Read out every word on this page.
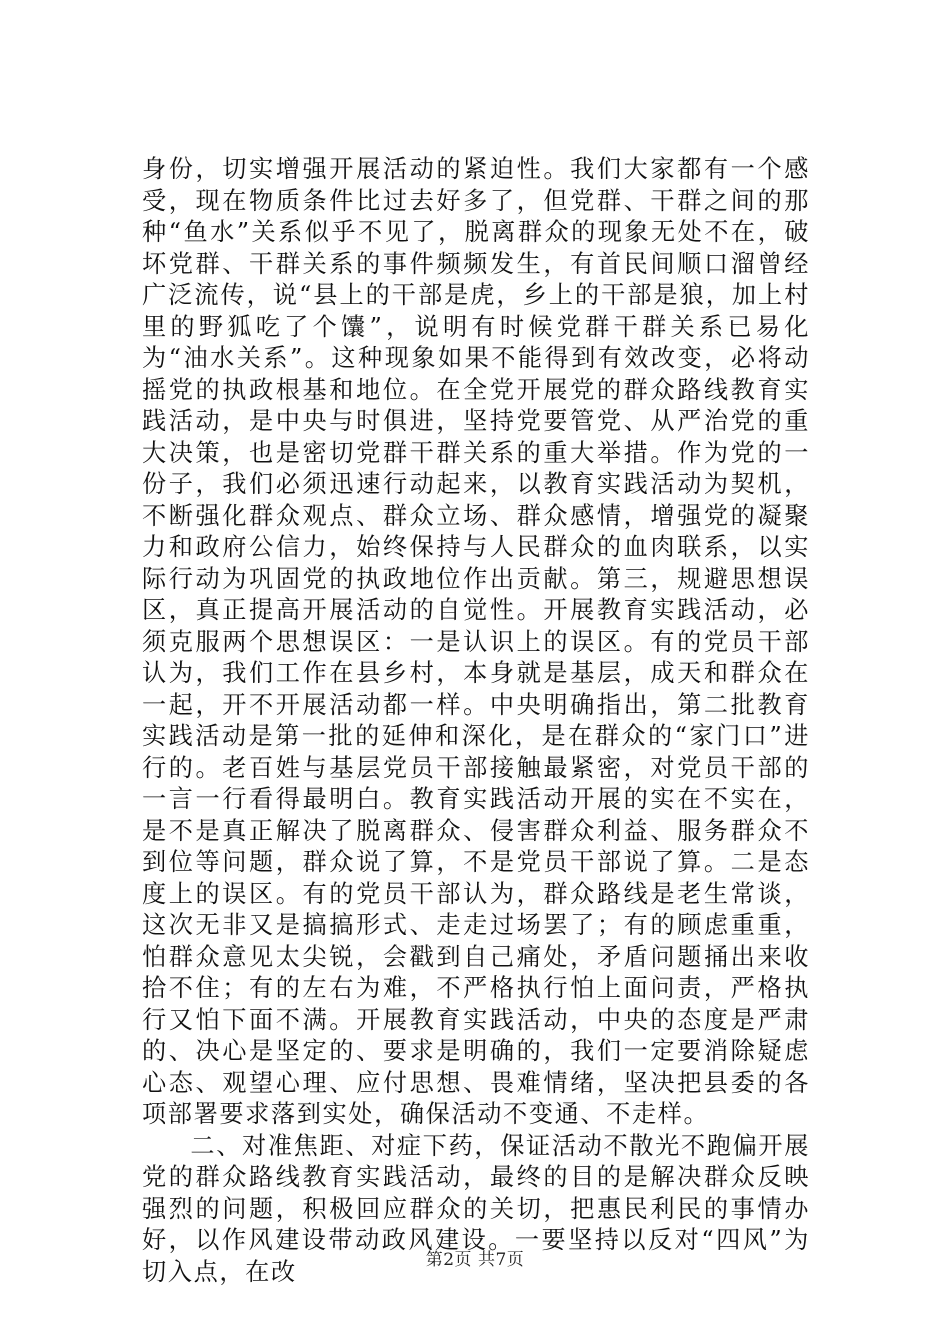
身份，切实增强开展活动的紧迫性。我们大家都有一个感受，现在物质条件比过去好多了，但党群、干群之间的那种“鱼水”关系似乎不见了，脱离群众的现象无处不在，破坏党群、干群关系的事件频频发生，有首民间顺口溜曾经广泛流传，说“县上的干部是虎，乡上的干部是狼，加上村里的野狐吃了个馕”，说明有时候党群干群关系已易化为“油水关系”。这种现象如果不能得到有效改变，必将动摇党的执政根基和地位。在全党开展党的群众路线教育实践活动，是中央与时俱进，坚持党要管党、从严治党的重大决策，也是密切党群干群关系的重大举措。作为党的一份子，我们必须迅速行动起来，以教育实践活动为契机，不断强化群众观点、群众立场、群众感情，增强党的凝聚力和政府公信力，始终保持与人民群众的血肉联系，以实际行动为巩固党的执政地位作出贡献。第三，规避思想误区，真正提高开展活动的自觉性。开展教育实践活动，必须克服两个思想误区：一是认识上的误区。有的党员干部认为，我们工作在县乡村，本身就是基层，成天和群众在一起，开不开展活动都一样。中央明确指出，第二批教育实践活动是第一批的延伸和深化，是在群众的“家门口”进行的。老百姓与基层党员干部接触最紧密，对党员干部的一言一行看得最明白。教育实践活动开展的实在不实在，是不是真正解决了脱离群众、侵害群众利益、服务群众不到位等问题，群众说了算，不是党员干部说了算。二是态度上的误区。有的党员干部认为，群众路线是老生常谈，这次无非又是搞搞形式、走走过场罢了；有的顾虑重重，怕群众意见太尖锐，会戳到自己痛处，矛盾问题捅出来收拾不住；有的左右为难，不严格执行怕上面问责，严格执行又怕下面不满。开展教育实践活动，中央的态度是严肃的、决心是坚定的、要求是明确的，我们一定要消除疑虑心态、观望心理、应付思想、畏难情绪，坚决把县委的各项部署要求落到实处，确保活动不变通、不走样。

二、对准焦距、对症下药，保证活动不散光不跑偏开展党的群众路线教育实践活动，最终的目的是解决群众反映强烈的问题，积极回应群众的关切，把惠民利民的事情办好，以作风建设带动政风建设。一要坚持以反对“四风”为切入点，在改	第2页 共7页
